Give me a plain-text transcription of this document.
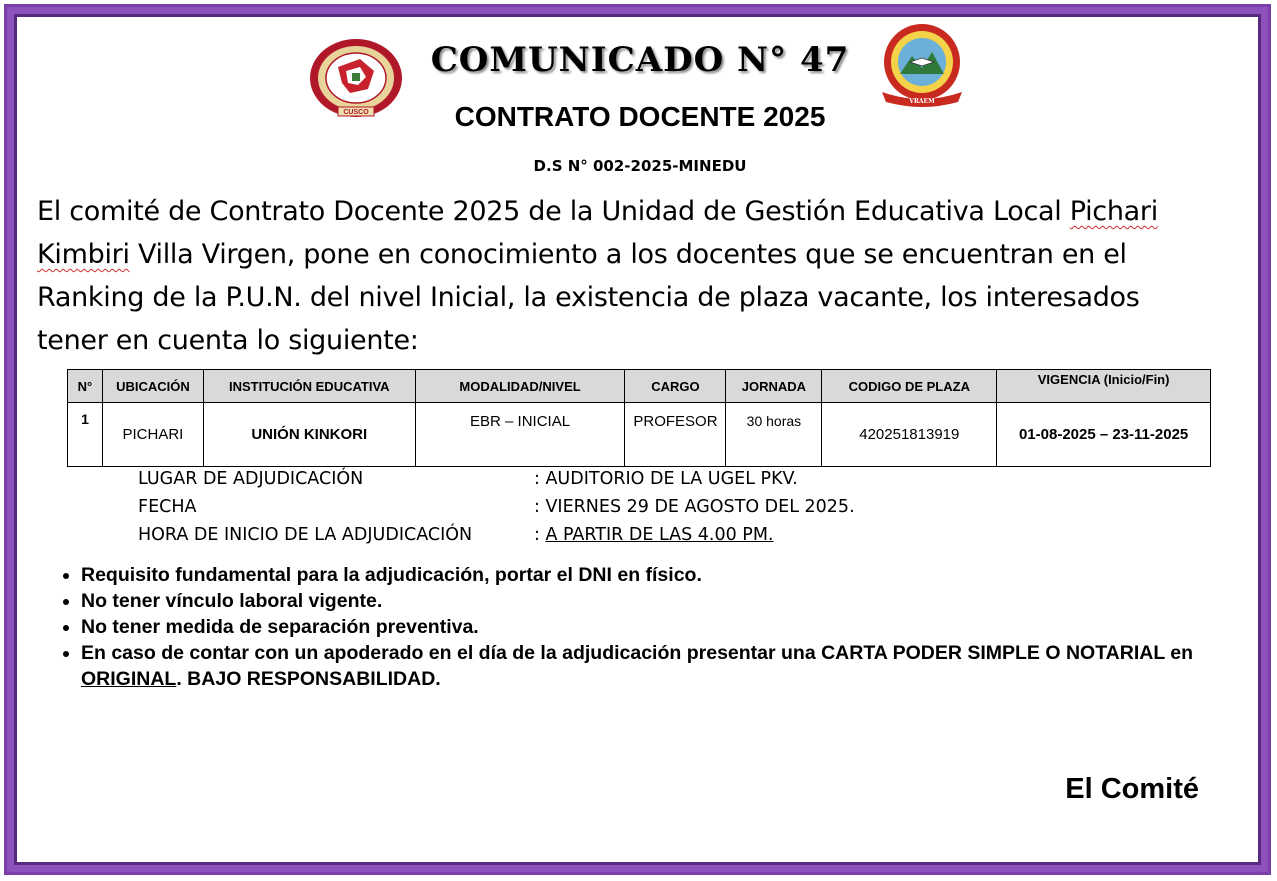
CUSCO
VRAEM
COMUNICADO N° 47
CONTRATO DOCENTE 2025
D.S N° 002-2025-MINEDU
El comité de Contrato Docente 2025 de la Unidad de Gestión Educativa Local Pichari Kimbiri Villa Virgen, pone en conocimiento a los docentes que se encuentran en el Ranking de la P.U.N. del nivel Inicial, la existencia de plaza vacante, los interesados tener en cuenta lo siguiente:
N°	UBICACIÓN	INSTITUCIÓN EDUCATIVA	MODALIDAD/NIVEL	CARGO	JORNADA	CODIGO DE PLAZA	VIGENCIA (Inicio/Fin)
1	PICHARI	UNIÓN KINKORI	EBR – INICIAL	PROFESOR	30 horas	420251813919	01-08-2025 – 23-11-2025
LUGAR DE ADJUDICACIÓN	: AUDITORIO DE LA UGEL PKV.
FECHA	: VIERNES 29 DE AGOSTO DEL 2025.
HORA DE INICIO DE LA ADJUDICACIÓN	: A PARTIR DE LAS 4.00 PM.
• Requisito fundamental para la adjudicación, portar el DNI en físico.
• No tener vínculo laboral vigente.
• No tener medida de separación preventiva.
• En caso de contar con un apoderado en el día de la adjudicación presentar una CARTA PODER SIMPLE O NOTARIAL en ORIGINAL. BAJO RESPONSABILIDAD.
El Comité
